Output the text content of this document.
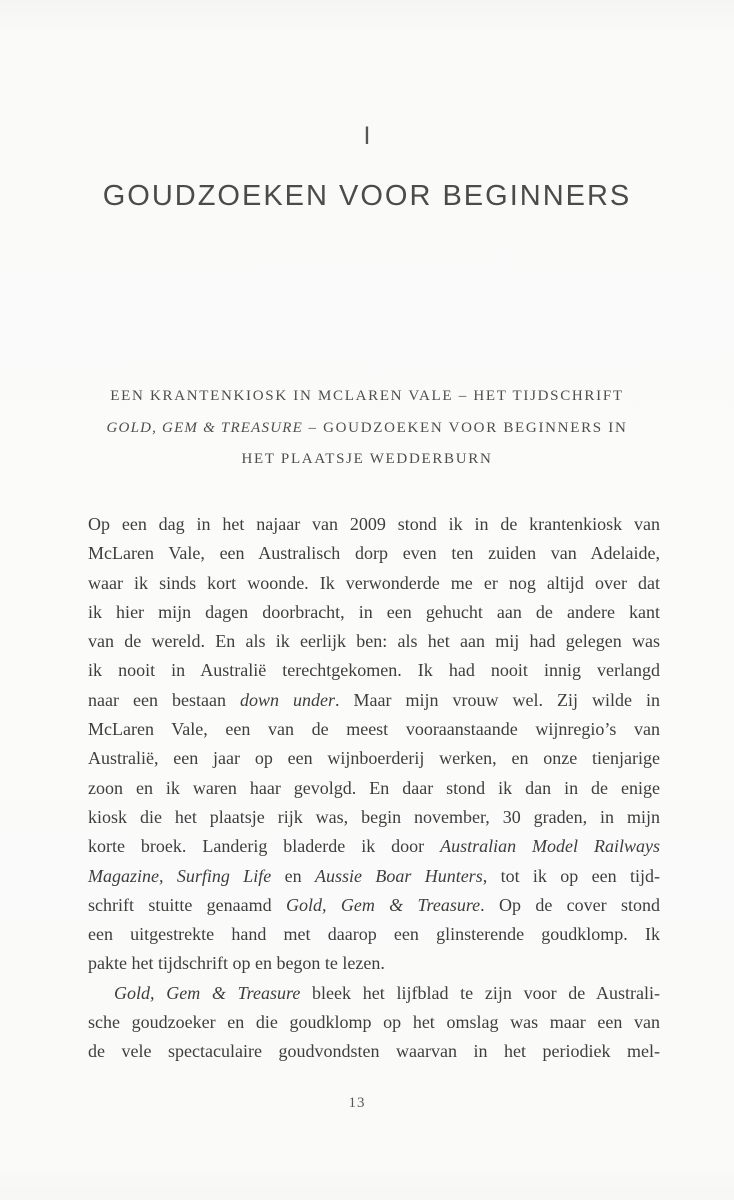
I
GOUDZOEKEN VOOR BEGINNERS
EEN KRANTENKIOSK IN MCLAREN VALE – HET TIJDSCHRIFT
GOLD, GEM & TREASURE – GOUDZOEKEN VOOR BEGINNERS IN
HET PLAATSJE WEDDERBURN
Op een dag in het najaar van 2009 stond ik in de krantenkiosk van
McLaren Vale, een Australisch dorp even ten zuiden van Adelaide,
waar ik sinds kort woonde. Ik verwonderde me er nog altijd over dat
ik hier mijn dagen doorbracht, in een gehucht aan de andere kant
van de wereld. En als ik eerlijk ben: als het aan mij had gelegen was
ik nooit in Australië terechtgekomen. Ik had nooit innig verlangd
naar een bestaan down under. Maar mijn vrouw wel. Zij wilde in
McLaren Vale, een van de meest vooraanstaande wijnregio’s van
Australië, een jaar op een wijnboerderij werken, en onze tienjarige
zoon en ik waren haar gevolgd. En daar stond ik dan in de enige
kiosk die het plaatsje rijk was, begin november, 30 graden, in mijn
korte broek. Landerig bladerde ik door Australian Model Railways
Magazine, Surfing Life en Aussie Boar Hunters, tot ik op een tijd-
schrift stuitte genaamd Gold, Gem & Treasure. Op de cover stond
een uitgestrekte hand met daarop een glinsterende goudklomp. Ik
pakte het tijdschrift op en begon te lezen.
Gold, Gem & Treasure bleek het lijfblad te zijn voor de Australi-
sche goudzoeker en die goudklomp op het omslag was maar een van
de vele spectaculaire goudvondsten waarvan in het periodiek mel-
13
